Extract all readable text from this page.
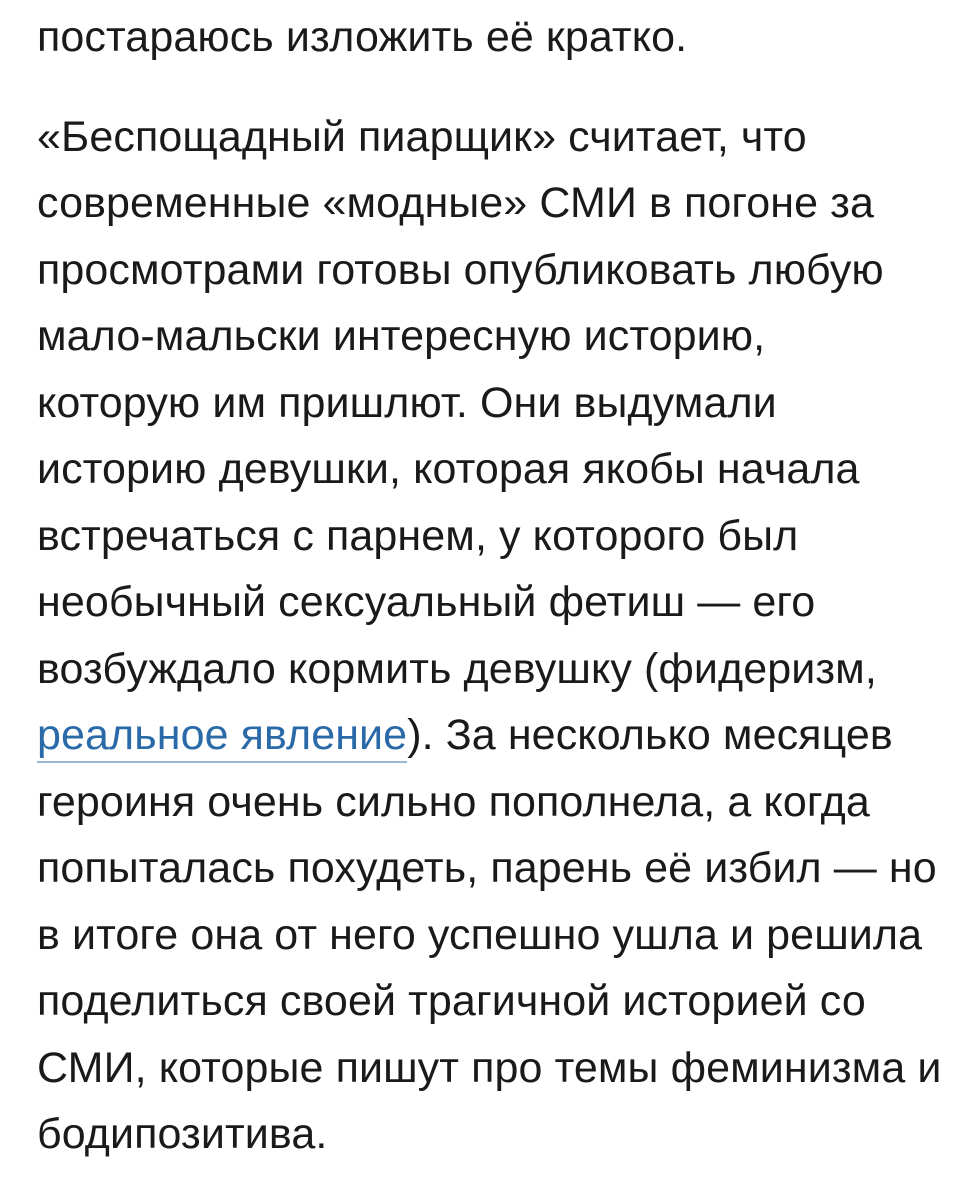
постараюсь изложить её кратко.
«Беспощадный пиарщик» считает, что
современные «модные» СМИ в погоне за
просмотрами готовы опубликовать любую
мало-мальски интересную историю,
которую им пришлют. Они выдумали
историю девушки, которая якобы начала
встречаться с парнем, у которого был
необычный сексуальный фетиш — его
возбуждало кормить девушку (фидеризм,
реальное явление). За несколько месяцев
героиня очень сильно пополнела, а когда
попыталась похудеть, парень её избил — но
в итоге она от него успешно ушла и решила
поделиться своей трагичной историей со
СМИ, которые пишут про темы феминизма и
бодипозитива.
